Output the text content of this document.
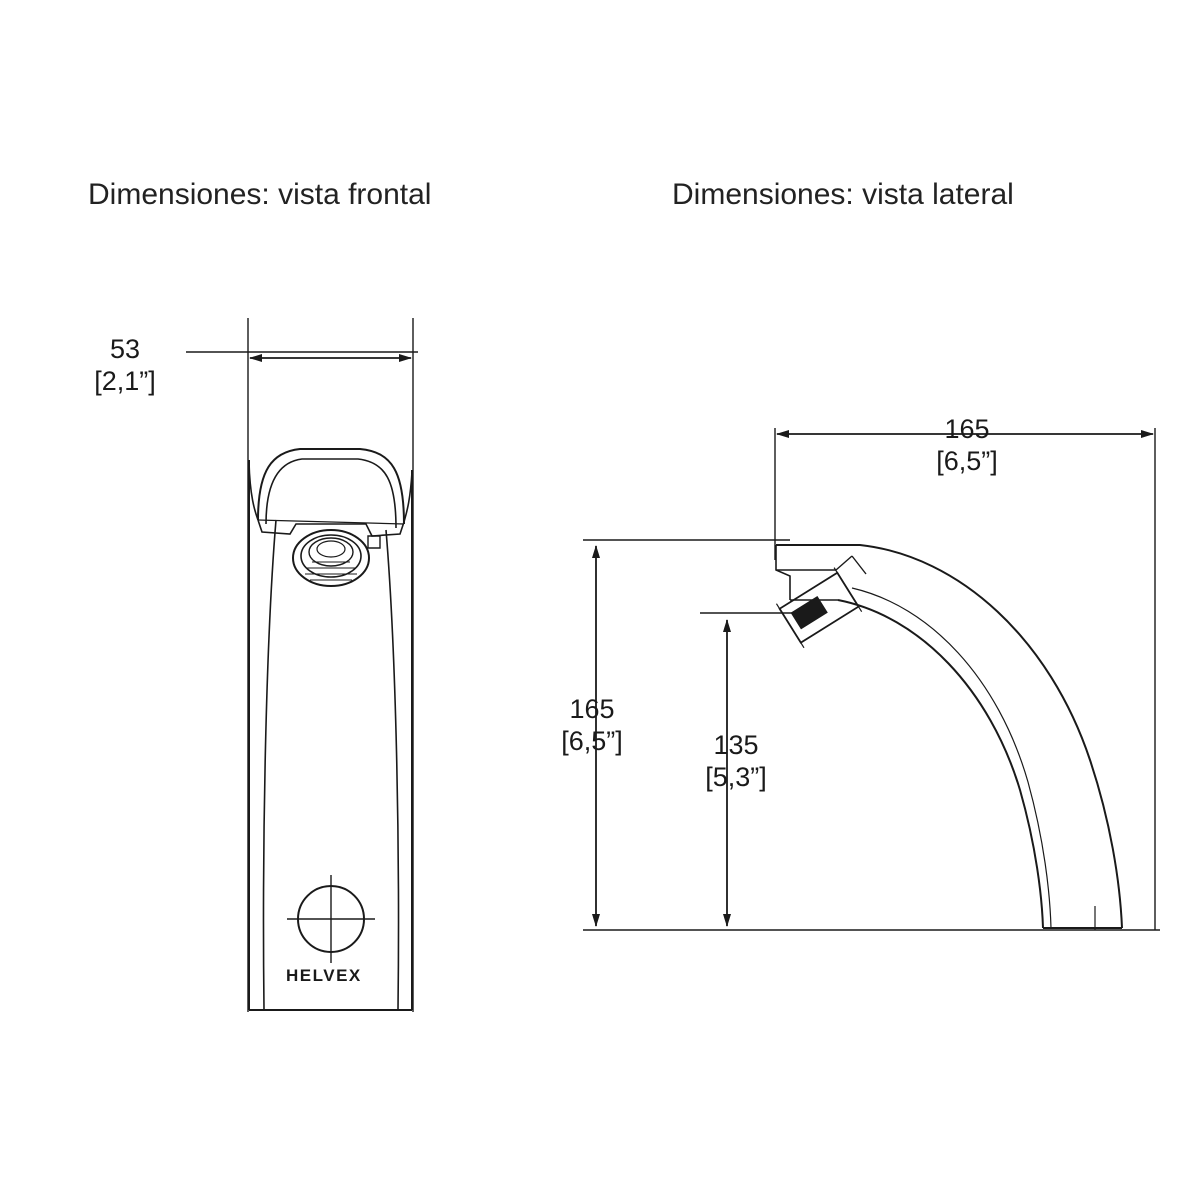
Dimensiones: vista frontal	Dimensiones: vista lateral
53
[2,1”]
165
[6,5”]
165
[6,5”]	135
[5,3”]
HELVEX
